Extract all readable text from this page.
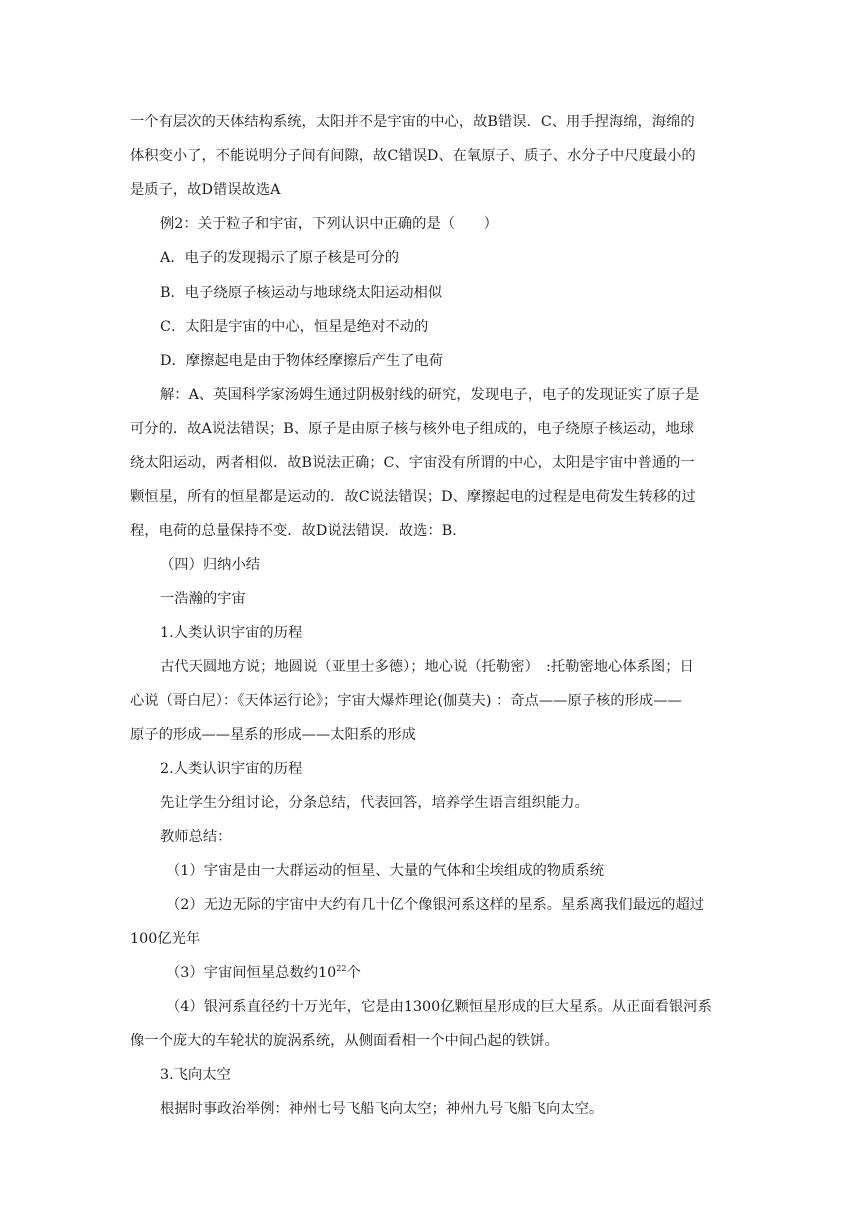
一个有层次的天体结构系统，太阳并不是宇宙的中心，故B错误．C、用手捏海绵，海绵的
体积变小了，不能说明分子间有间隙，故C错误D、在氧原子、质子、水分子中尺度最小的
是质子，故D错误故选A
例2：关于粒子和宇宙，下列认识中正确的是（　　）
A．电子的发现揭示了原子核是可分的
B．电子绕原子核运动与地球绕太阳运动相似
C．太阳是宇宙的中心，恒星是绝对不动的
D．摩擦起电是由于物体经摩擦后产生了电荷
解：A、英国科学家汤姆生通过阴极射线的研究，发现电子，电子的发现证实了原子是
可分的．故A说法错误；B、原子是由原子核与核外电子组成的，电子绕原子核运动，地球
绕太阳运动，两者相似．故B说法正确；C、宇宙没有所谓的中心，太阳是宇宙中普通的一
颗恒星，所有的恒星都是运动的．故C说法错误；D、摩擦起电的过程是电荷发生转移的过
程，电荷的总量保持不变．故D说法错误．故选：B．
（四）归纳小结
一浩瀚的宇宙
1.人类认识宇宙的历程
古代天圆地方说；地圆说（亚里士多德）；地心说（托勒密）　:托勒密地心体系图；日
心说（哥白尼）：《天体运行论》；宇宙大爆炸理论(伽莫夫) ：奇点——原子核的形成——
原子的形成——星系的形成——太阳系的形成
2.人类认识宇宙的历程
先让学生分组讨论，分条总结，代表回答，培养学生语言组织能力。
教师总结：
（1）宇宙是由一大群运动的恒星、大量的气体和尘埃组成的物质系统
（2）无边无际的宇宙中大约有几十亿个像银河系这样的星系。星系离我们最远的超过
100亿光年
（3）宇宙间恒星总数约$10^{22}$个
（4）银河系直径约十万光年，它是由1300亿颗恒星形成的巨大星系。从正面看银河系
像一个庞大的车轮状的旋涡系统，从侧面看相一个中间凸起的铁饼。
3.飞向太空
根据时事政治举例：神州七号飞船飞向太空；神州九号飞船飞向太空。
